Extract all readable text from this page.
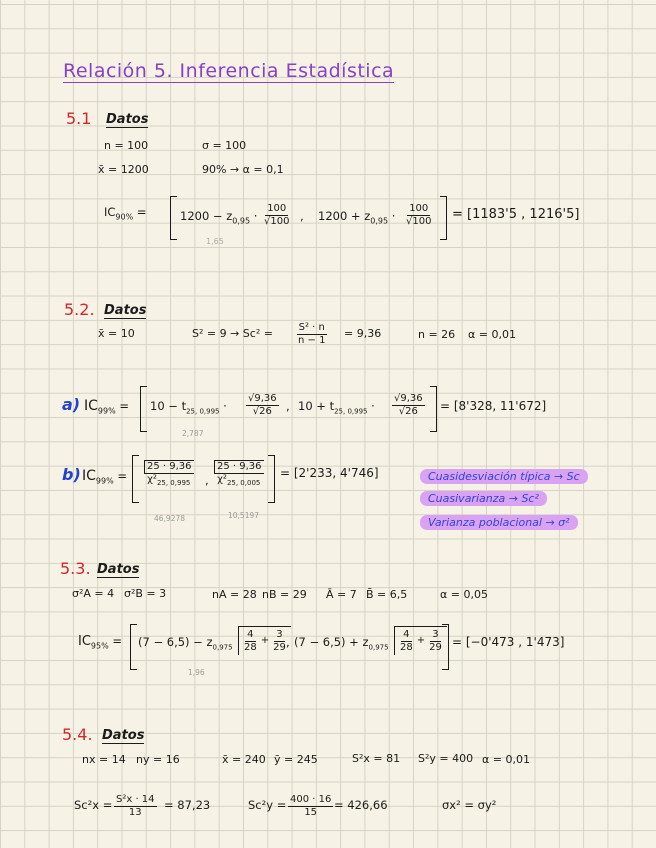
Relación 5. Inferencia Estadística
5.1 Datos
n = 100	σ = 100
x̄ = 1200	90% → α = 0,1
$IC_{90\%}$ =	$1200 - z_{0,95} \cdot \frac{100}{√100}$ , $1200 + z_{0,95} \cdot \frac{100}{√100} = [1183'5$ , 1216'5]
1,65
5.2. Datos
x̄ = 10	$S^2 = 9 \to Sc^2 = \frac{\text{S² · n}}{n - 1} = 9,36$	n = 26 α = 0,01
a) $IC_{99\%} = 10 - t_{25, 0,995} \cdot \frac{√9,36}{√26}$ , $10 + t_{25, 0,995} \cdot \frac{√9,36}{√26} = [8'328$, 11'672]
2,787
b) $IC_{99\%} = \frac{25 \cdot 9,36}{\chi^2_{25, 0,995}}$ , $\frac{25 \cdot 9,36}{\chi^2_{25, 0,005}} = [2'233$, 4'746]
46,9278	10,5197
Cuasidesviación típica → Sc
Cuasivarianza → Sc²
Varianza poblacional → σ²
5.3. Datos
σ²A = 4 σ²B = 3	nA = 28 nB = 29 Ā = 7 B̄ = 6,5	α = 0,05
$IC_{95\%} = (7 - 6,5) - z_{0,975} \frac{4}{28} + \frac{3}{29}$
, $(7 - 6,5) + z_{0,975} \frac{4}{28} + \frac{3}{29} = [-0'473$ , 1'473]
1,96
5.4. Datos
nx = 14 ny = 16	x̄ = 240 ȳ = 245	S²x = 81 S²y = 400 α = 0,01
$Sc^2x = \frac{\text{S²x · 14}}{13} = 87,23$	$Sc^2y = \frac{400 \cdot 16}{15} = 426,66$	σx² = σy²
